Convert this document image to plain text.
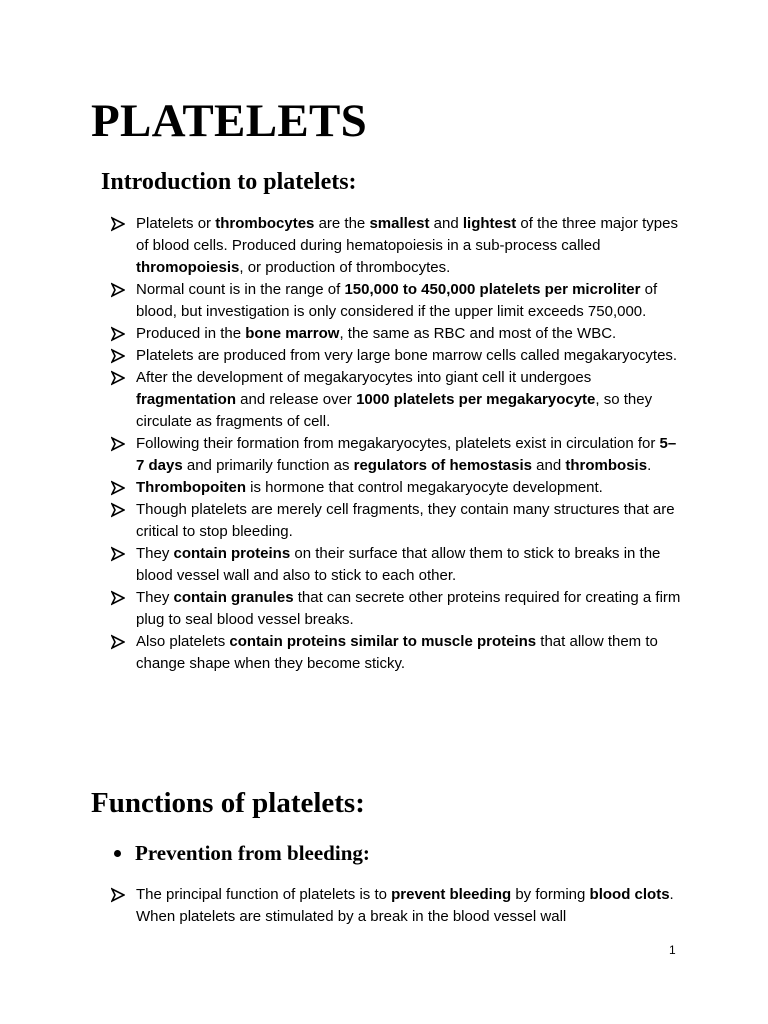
PLATELETS
Introduction to platelets:
Platelets or thrombocytes are the smallest and lightest of the three major types of blood cells. Produced during hematopoiesis in a sub-process called thromopoiesis, or production of thrombocytes.
Normal count is in the range of 150,000 to 450,000 platelets per microliter of blood, but investigation is only considered if the upper limit exceeds 750,000.
Produced in the bone marrow, the same as RBC and most of the WBC.
Platelets are produced from very large bone marrow cells called megakaryocytes.
After the development of megakaryocytes into giant cell it undergoes fragmentation and release over 1000 platelets per megakaryocyte, so they circulate as fragments of cell.
Following their formation from megakaryocytes, platelets exist in circulation for 5–7 days and primarily function as regulators of hemostasis and thrombosis.
Thrombopoiten is hormone that control megakaryocyte development.
Though platelets are merely cell fragments, they contain many structures that are critical to stop bleeding.
They contain proteins on their surface that allow them to stick to breaks in the blood vessel wall and also to stick to each other.
They contain granules that can secrete other proteins required for creating a firm plug to seal blood vessel breaks.
Also platelets contain proteins similar to muscle proteins that allow them to change shape when they become sticky.
Functions of platelets:
Prevention from bleeding:
The principal function of platelets is to prevent bleeding by forming blood clots. When platelets are stimulated by a break in the blood vessel wall
1
